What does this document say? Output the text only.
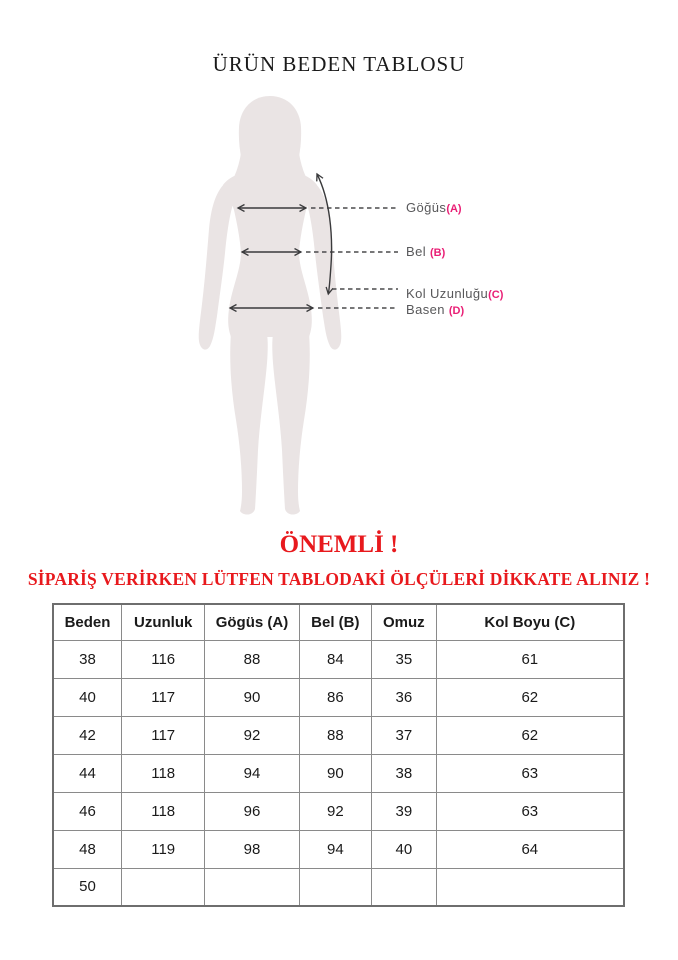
ÜRÜN BEDEN TABLOSU
Göğüs(A)
Bel (B)
Kol Uzunluğu(C)
Basen (D)
ÖNEMLİ !
SİPARİŞ VERİRKEN LÜTFEN TABLODAKİ ÖLÇÜLERİ DİKKATE ALINIZ !
Beden	Uzunluk	Gögüs (A)	Bel (B)	Omuz	Kol Boyu (C)
38	116	88	84	35	61
40	117	90	86	36	62
42	117	92	88	37	62
44	118	94	90	38	63
46	118	96	92	39	63
48	119	98	94	40	64
50					
